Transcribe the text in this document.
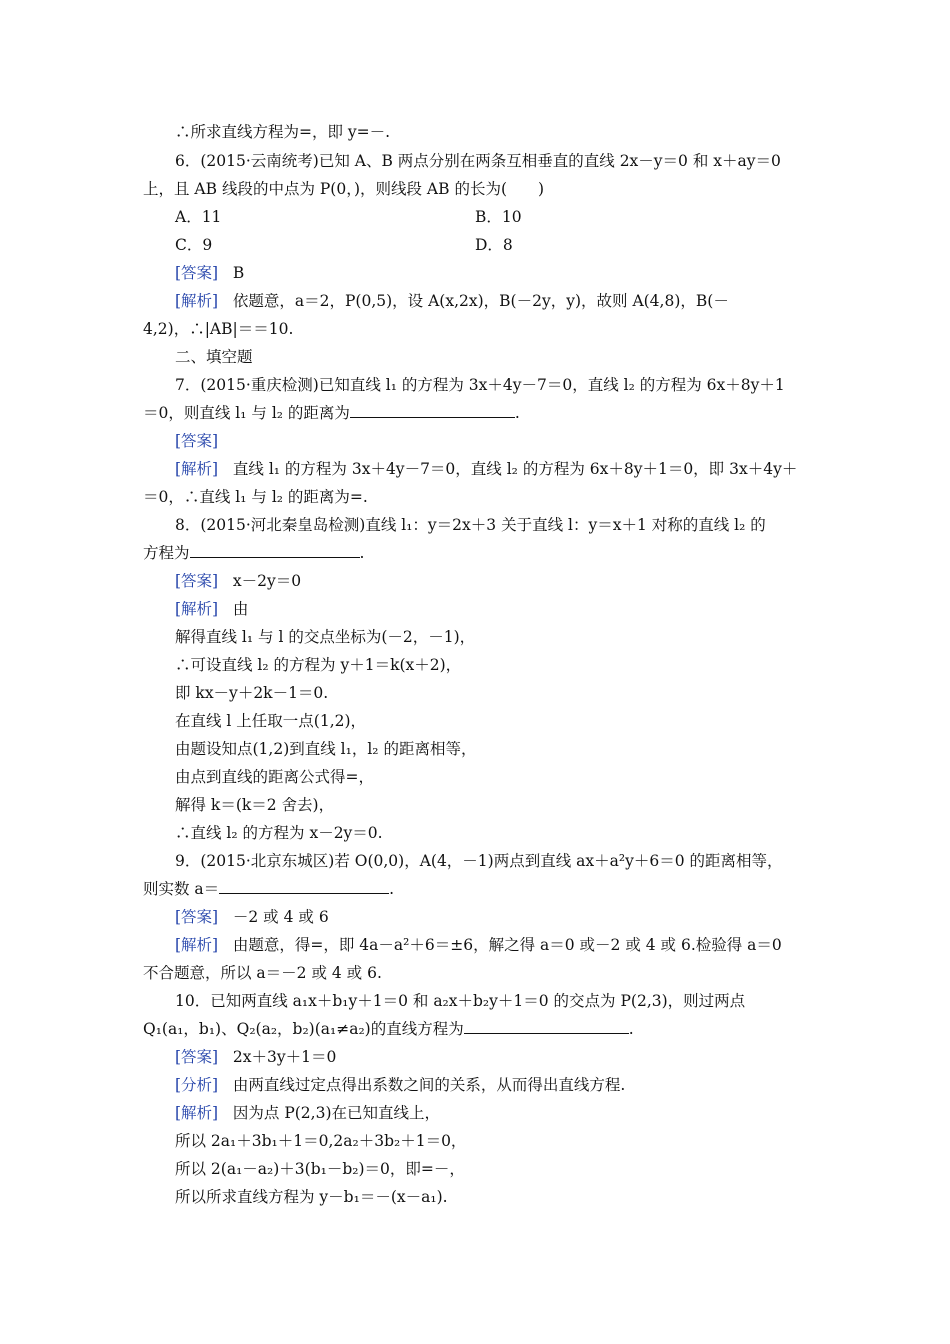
∴所求直线方程为=，即 y=－.
6．(2015·云南统考)已知 A、B 两点分别在两条互相垂直的直线 2x－y＝0 和 x＋ay＝0
上，且 AB 线段的中点为 P(0，)，则线段 AB 的长为(　　)
A．11	B．10
C．9	D．8
[答案] B
[解析] 依题意，a＝2，P(0,5)，设 A(x,2x)，B(－2y，y)，故则 A(4,8)，B(－
4,2)，∴|AB|＝＝10.
二、填空题
7．(2015·重庆检测)已知直线 l₁ 的方程为 3x＋4y－7＝0，直线 l₂ 的方程为 6x＋8y＋1
＝0，则直线 l₁ 与 l₂ 的距离为	.
[答案]
[解析] 直线 l₁ 的方程为 3x＋4y－7＝0，直线 l₂ 的方程为 6x＋8y＋1＝0，即 3x＋4y＋
＝0，∴直线 l₁ 与 l₂ 的距离为=.
8．(2015·河北秦皇岛检测)直线 l₁：y＝2x＋3 关于直线 l：y＝x＋1 对称的直线 l₂ 的
方程为	.
[答案] x－2y＝0
[解析] 由
解得直线 l₁ 与 l 的交点坐标为(－2，－1)，
∴可设直线 l₂ 的方程为 y＋1＝k(x＋2)，
即 kx－y＋2k－1＝0.
在直线 l 上任取一点(1,2)，
由题设知点(1,2)到直线 l₁，l₂ 的距离相等，
由点到直线的距离公式得=，
解得 k＝(k＝2 舍去)，
∴直线 l₂ 的方程为 x－2y＝0.
9．(2015·北京东城区)若 O(0,0)，A(4，－1)两点到直线 ax＋a²y＋6＝0 的距离相等，
则实数 a＝	.
[答案] －2 或 4 或 6
[解析] 由题意，得=，即 4a－a²＋6＝±6，解之得 a＝0 或－2 或 4 或 6.检验得 a＝0
不合题意，所以 a＝－2 或 4 或 6.
10．已知两直线 a₁x＋b₁y＋1＝0 和 a₂x＋b₂y＋1＝0 的交点为 P(2,3)，则过两点
Q₁(a₁，b₁)、Q₂(a₂，b₂)(a₁≠a₂)的直线方程为	.
[答案] 2x＋3y＋1＝0
[分析] 由两直线过定点得出系数之间的关系，从而得出直线方程.
[解析] 因为点 P(2,3)在已知直线上，
所以 2a₁＋3b₁＋1＝0,2a₂＋3b₂＋1＝0，
所以 2(a₁－a₂)＋3(b₁－b₂)＝0，即=－，
所以所求直线方程为 y－b₁＝－(x－a₁).
